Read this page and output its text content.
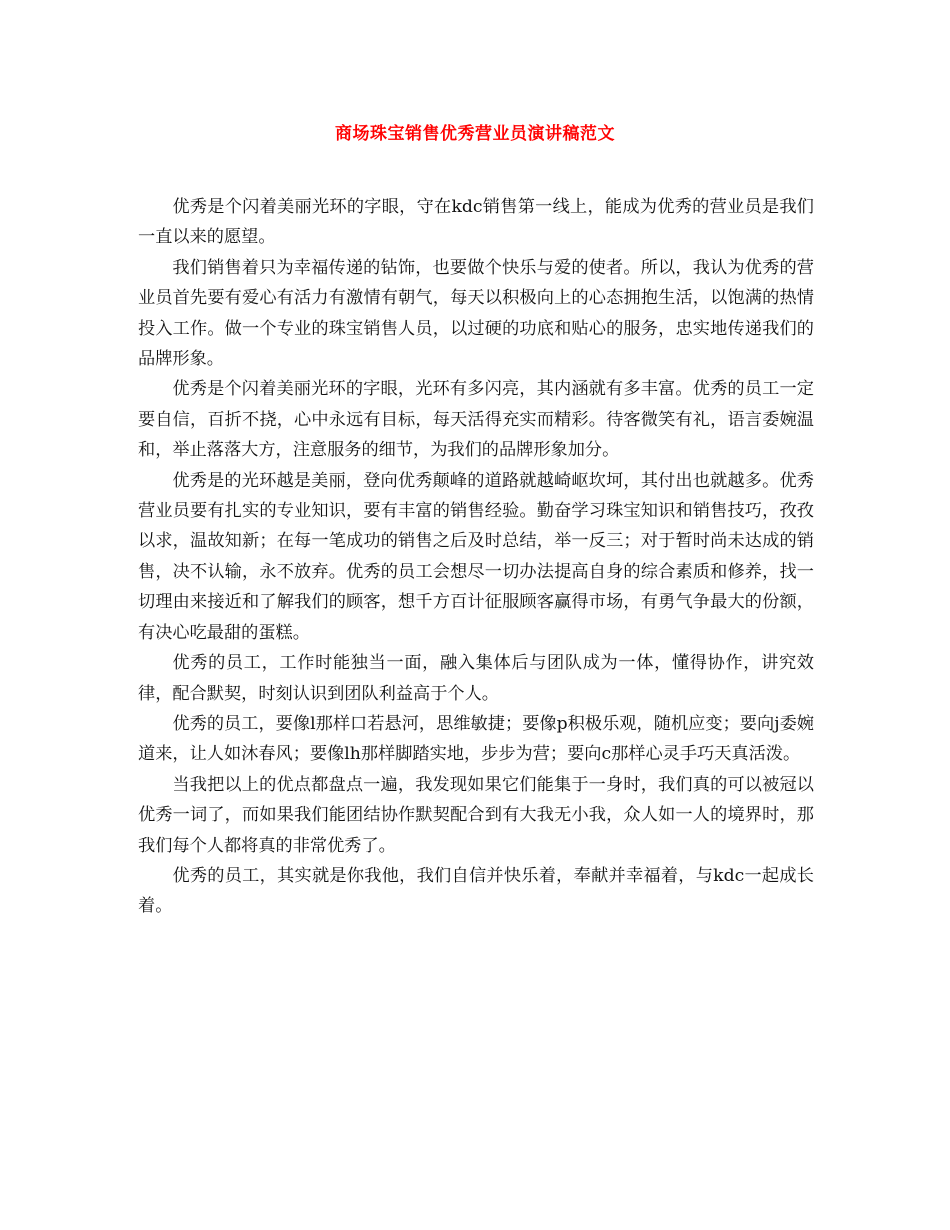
商场珠宝销售优秀营业员演讲稿范文

优秀是个闪着美丽光环的字眼，守在kdc销售第一线上，能成为优秀的营业员是我们一直以来的愿望。

我们销售着只为幸福传递的钻饰，也要做个快乐与爱的使者。所以，我认为优秀的营业员首先要有爱心有活力有激情有朝气，每天以积极向上的心态拥抱生活，以饱满的热情投入工作。做一个专业的珠宝销售人员，以过硬的功底和贴心的服务，忠实地传递我们的品牌形象。

优秀是个闪着美丽光环的字眼，光环有多闪亮，其内涵就有多丰富。优秀的员工一定要自信，百折不挠，心中永远有目标，每天活得充实而精彩。待客微笑有礼，语言委婉温和，举止落落大方，注意服务的细节，为我们的品牌形象加分。

优秀是的光环越是美丽，登向优秀颠峰的道路就越崎岖坎坷，其付出也就越多。优秀营业员要有扎实的专业知识，要有丰富的销售经验。勤奋学习珠宝知识和销售技巧，孜孜以求，温故知新；在每一笔成功的销售之后及时总结，举一反三；对于暂时尚未达成的销售，决不认输，永不放弃。优秀的员工会想尽一切办法提高自身的综合素质和修养，找一切理由来接近和了解我们的顾客，想千方百计征服顾客赢得市场，有勇气争最大的份额，有决心吃最甜的蛋糕。

优秀的员工，工作时能独当一面，融入集体后与团队成为一体，懂得协作，讲究效律，配合默契，时刻认识到团队利益高于个人。

优秀的员工，要像l那样口若悬河，思维敏捷；要像p积极乐观，随机应变；要向j委婉道来，让人如沐春风；要像lh那样脚踏实地，步步为营；要向c那样心灵手巧天真活泼。

当我把以上的优点都盘点一遍，我发现如果它们能集于一身时，我们真的可以被冠以优秀一词了，而如果我们能团结协作默契配合到有大我无小我，众人如一人的境界时，那我们每个人都将真的非常优秀了。

优秀的员工，其实就是你我他，我们自信并快乐着，奉献并幸福着，与kdc一起成长着。
